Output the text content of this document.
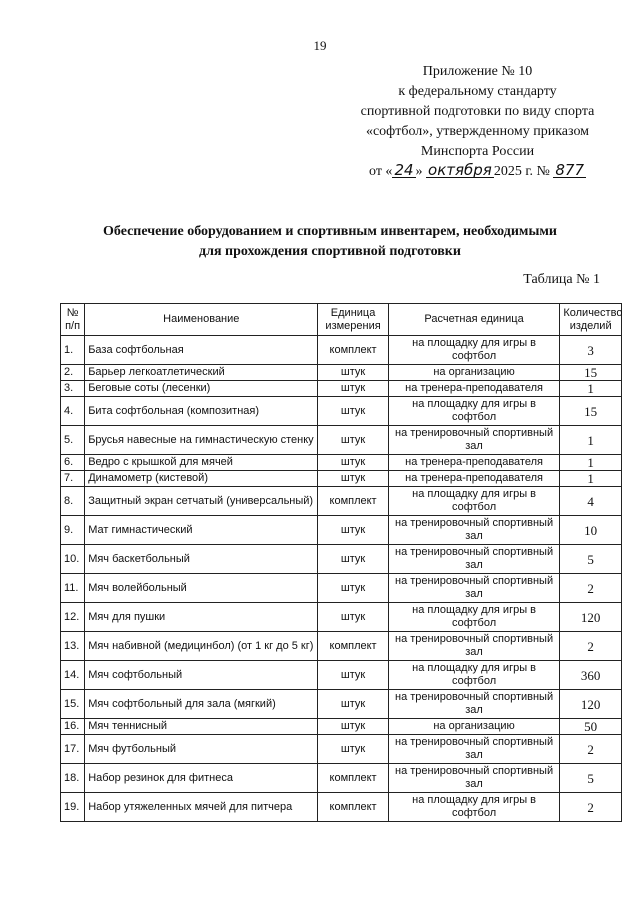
19
Приложение № 10
к федеральному стандарту
спортивной подготовки по виду спорта
«софтбол», утвержденному приказом
Минспорта России
от « 24 » октября 2025 г. № 877
Обеспечение оборудованием и спортивным инвентарем, необходимыми
для прохождения спортивной подготовки
Таблица № 1
№ п/п	Наименование	Единица измерения	Расчетная единица	Количество изделий
1.	База софтбольная	комплект	на площадку для игры в софтбол	3
2.	Барьер легкоатлетический	штук	на организацию	15
3.	Беговые соты (лесенки)	штук	на тренера-преподавателя	1
4.	Бита софтбольная (композитная)	штук	на площадку для игры в софтбол	15
5.	Брусья навесные на гимнастическую стенку	штук	на тренировочный спортивный зал	1
6.	Ведро с крышкой для мячей	штук	на тренера-преподавателя	1
7.	Динамометр (кистевой)	штук	на тренера-преподавателя	1
8.	Защитный экран сетчатый (универсальный)	комплект	на площадку для игры в софтбол	4
9.	Мат гимнастический	штук	на тренировочный спортивный зал	10
10.	Мяч баскетбольный	штук	на тренировочный спортивный зал	5
11.	Мяч волейбольный	штук	на тренировочный спортивный зал	2
12.	Мяч для пушки	штук	на площадку для игры в софтбол	120
13.	Мяч набивной (медицинбол) (от 1 кг до 5 кг)	комплект	на тренировочный спортивный зал	2
14.	Мяч софтбольный	штук	на площадку для игры в софтбол	360
15.	Мяч софтбольный для зала (мягкий)	штук	на тренировочный спортивный зал	120
16.	Мяч теннисный	штук	на организацию	50
17.	Мяч футбольный	штук	на тренировочный спортивный зал	2
18.	Набор резинок для фитнеса	комплект	на тренировочный спортивный зал	5
19.	Набор утяжеленных мячей для питчера	комплект	на площадку для игры в софтбол	2
